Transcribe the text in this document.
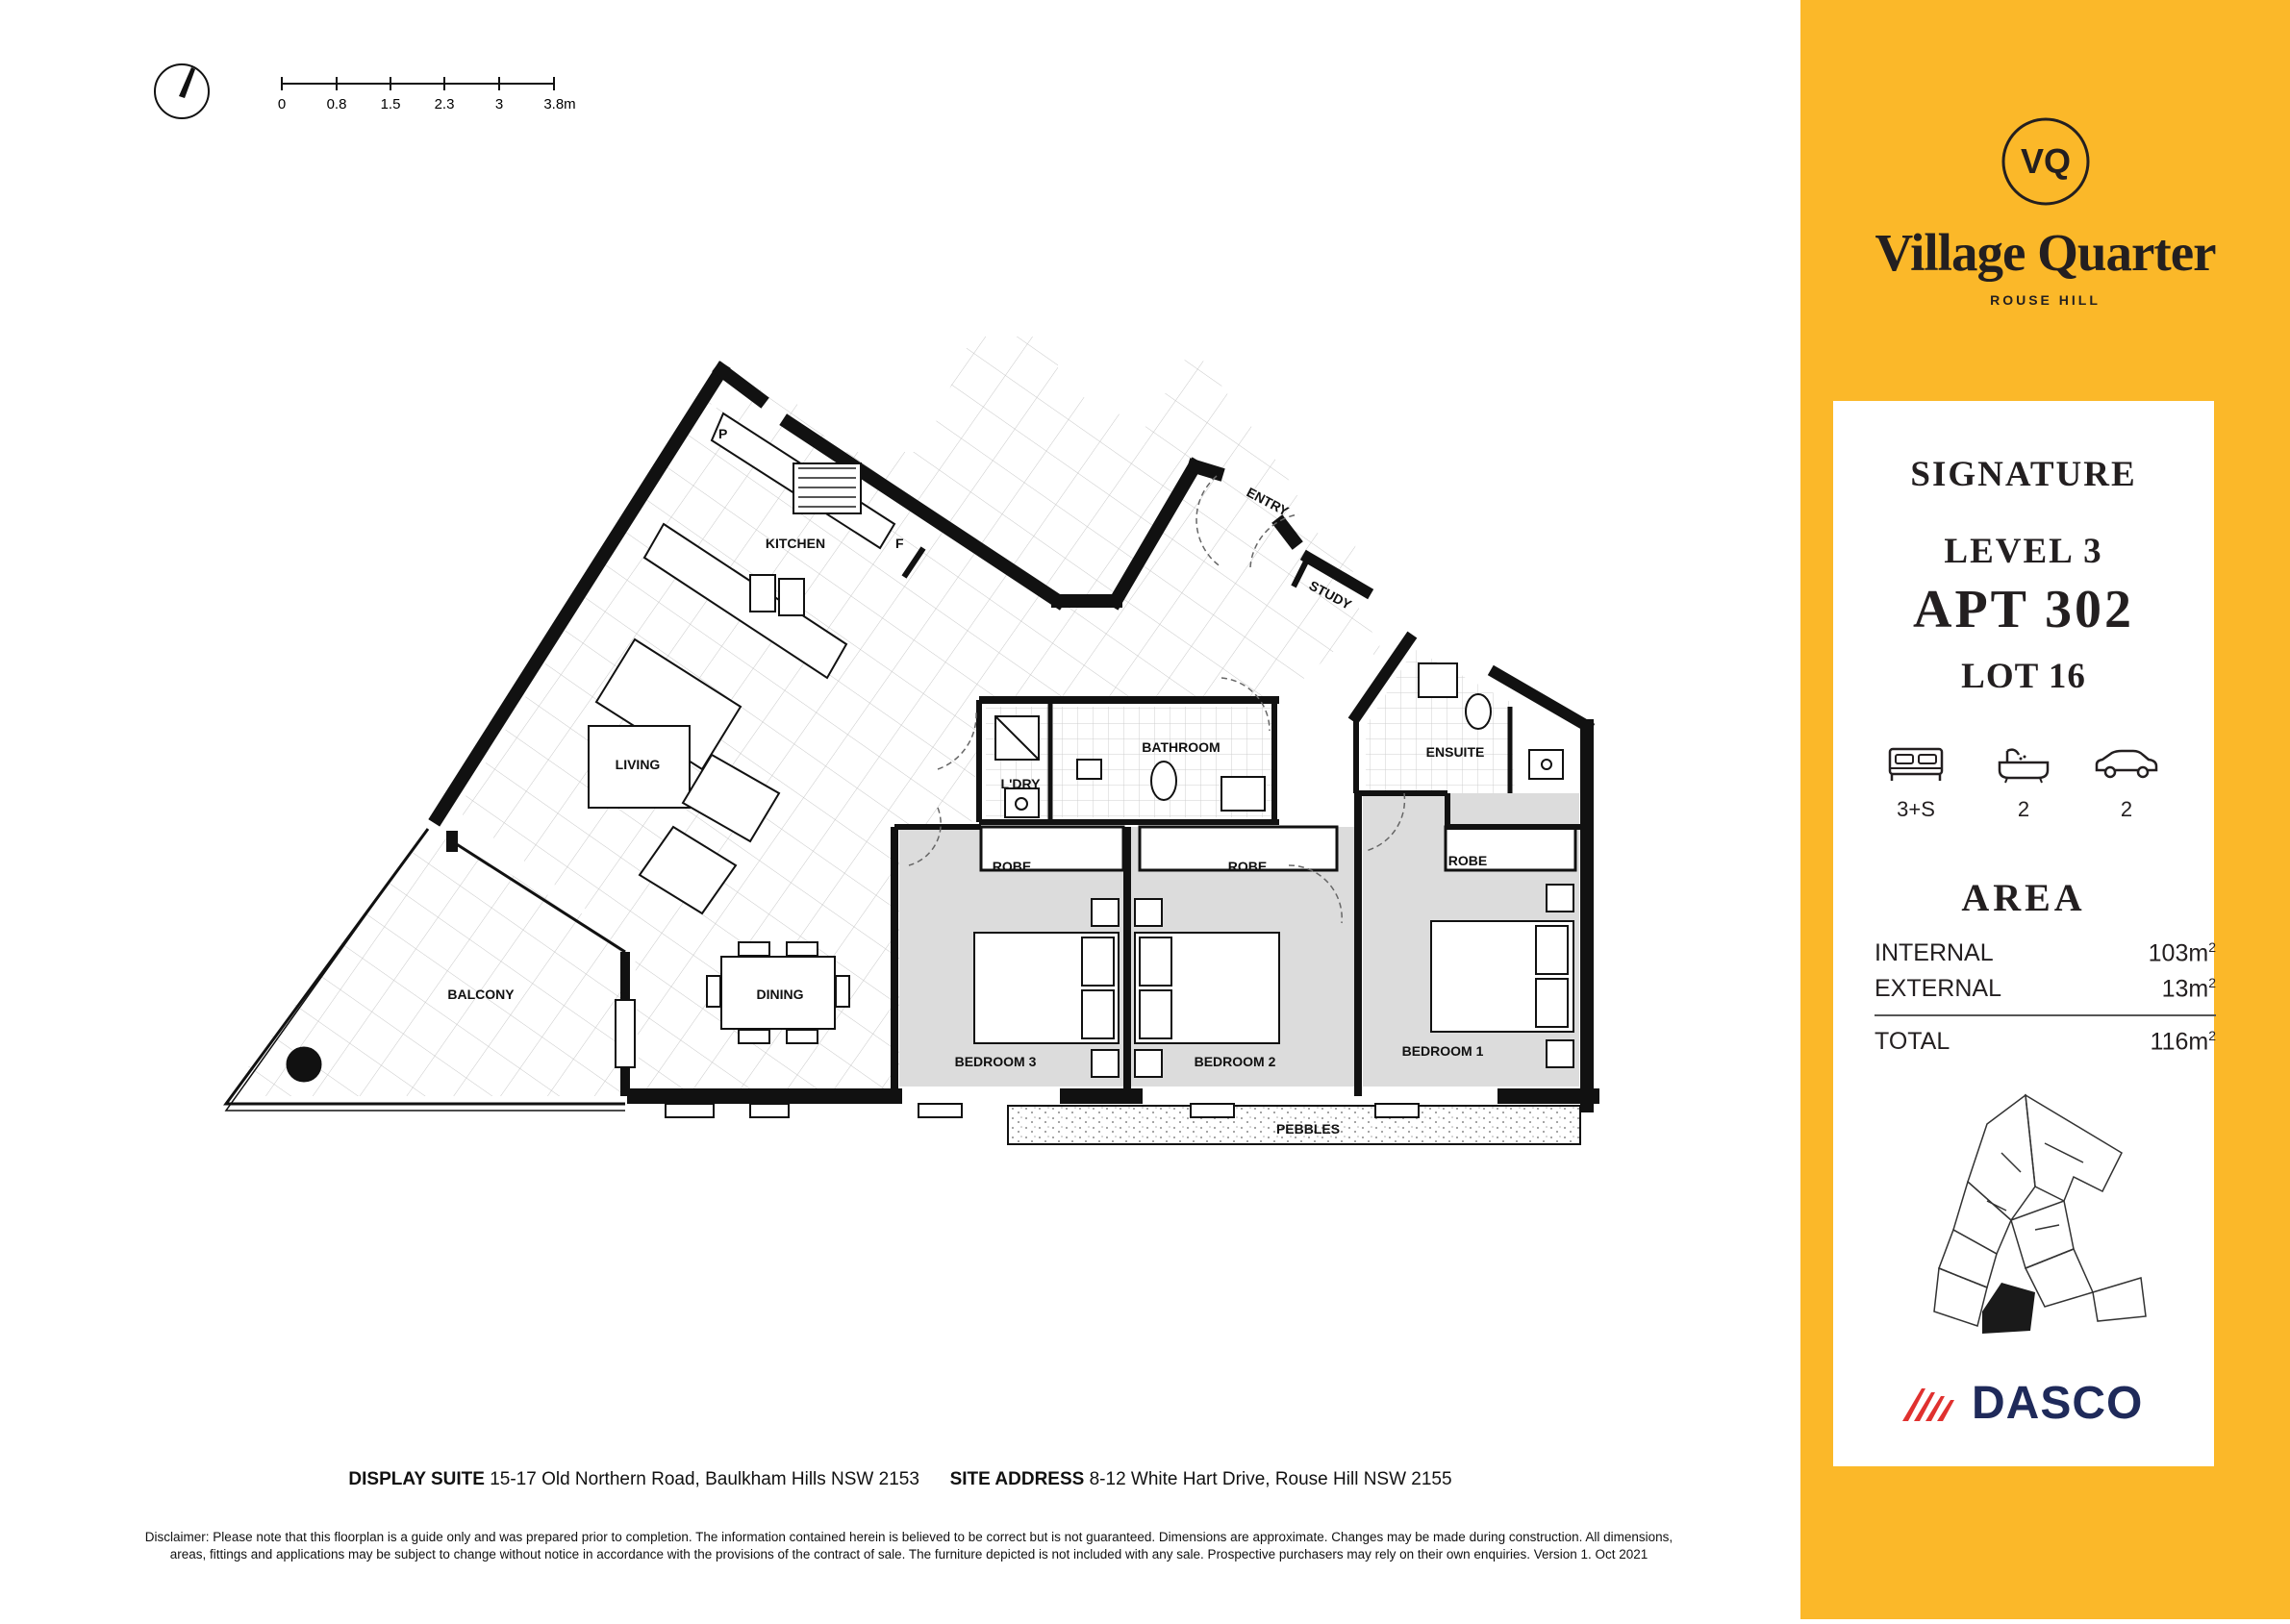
0	0.8 1.5 2.3	3	3.8m
P
KITCHEN	F
ENTRY
STUDY
LIVING
L'DRY
BATHROOM	ENSUITE
ROBE	ROBE	ROBE
BALCONY	DINING
BEDROOM 3	BEDROOM 2
BEDROOM 1
PEBBLES
DISPLAY SUITE 15-17 Old Northern Road, Baulkham Hills NSW 2153 SITE ADDRESS 8-12 White Hart Drive, Rouse Hill NSW 2155
Disclaimer: Please note that this floorplan is a guide only and was prepared prior to completion. The information contained herein is believed to be correct but is not guaranteed. Dimensions are approximate. Changes may be made during construction. All dimensions,
areas, fittings and applications may be subject to change without notice in accordance with the provisions of the contract of sale. The furniture depicted is not included with any sale. Prospective purchasers may rely on their own enquiries. Version 1. Oct 2021
VQ
Village Quarter
ROUSE HILL
SIGNATURE
LEVEL 3
APT 302
LOT 16
3+S	2	2
AREA
INTERNAL	$103m^2$
EXTERNAL	$13m^2$
TOTAL	$116m^2$
DASCO
